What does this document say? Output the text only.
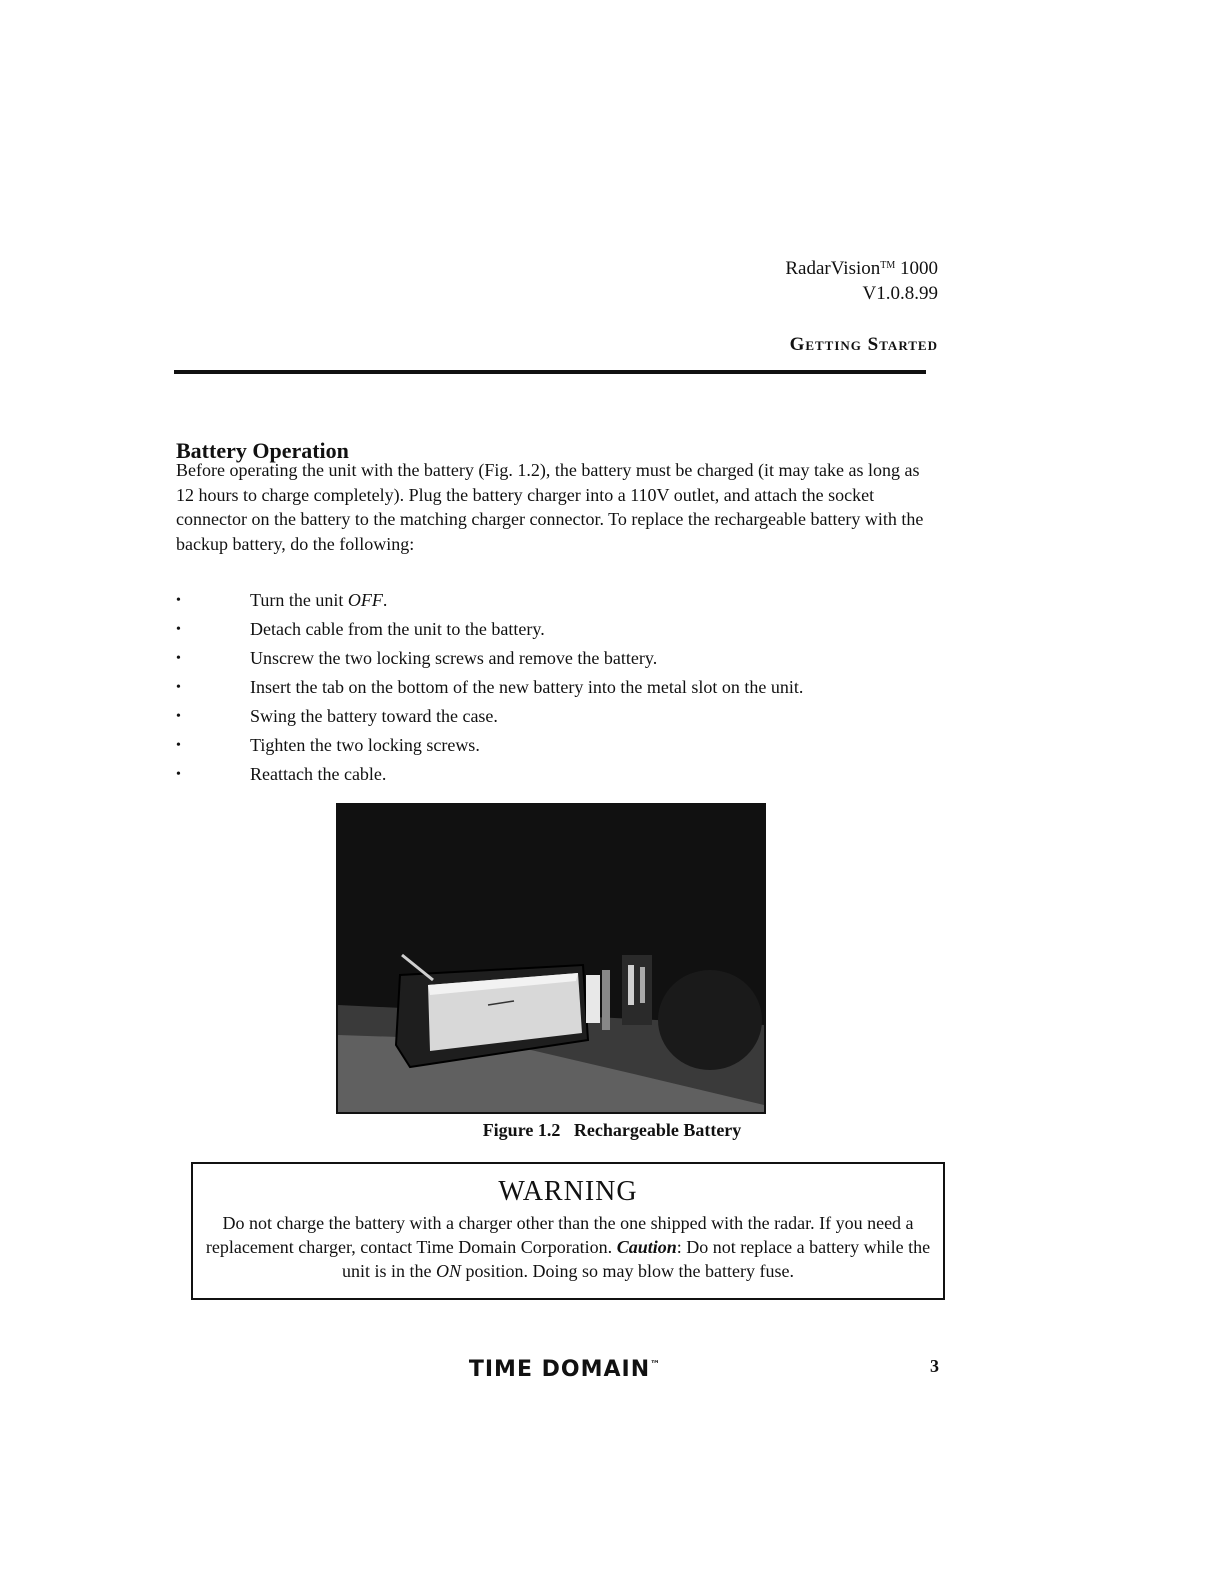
RadarVision™ 1000
V1.0.8.99
Getting Started
Battery Operation
Before operating the unit with the battery (Fig. 1.2), the battery must be charged (it may take as long as 12 hours to charge completely). Plug the battery charger into a 110V outlet, and attach the socket connector on the battery to the matching charger connector. To replace the rechargeable battery with the backup battery, do the following:
•	Turn the unit OFF.
•	Detach cable from the unit to the battery.
•	Unscrew the two locking screws and remove the battery.
•	Insert the tab on the bottom of the new battery into the metal slot on the unit.
•	Swing the battery toward the case.
•	Tighten the two locking screws.
•	Reattach the cable.
Figure 1.2 Rechargeable Battery
WARNING
Do not charge the battery with a charger other than the one shipped with the radar. If you need a replacement charger, contact Time Domain Corporation. Caution: Do not replace a battery while the unit is in the ON position. Doing so may blow the battery fuse.
TIME DOMAIN™	3
